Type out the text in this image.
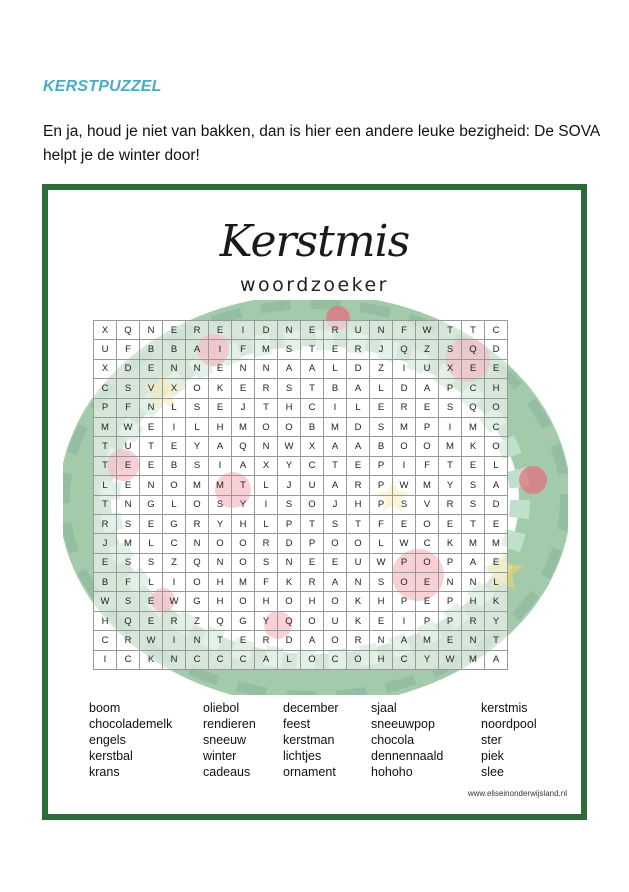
KERSTPUZZEL
En ja, houd je niet van bakken, dan is hier een andere leuke bezigheid: De SOVA helpt je de winter door!
Kerstmis
woordzoeker
X	Q	N	E	R	E	I	D	N	E	R	U	N	F	W	T	T	C
U	F	B	B	A	I	F	M	S	T	E	R	J	Q	Z	S	Q	D
X	D	E	N	N	E	N	N	A	A	L	D	Z	I	U	X	E	E
C	S	V	X	O	K	E	R	S	T	B	A	L	D	A	P	C	H
P	F	N	L	S	E	J	T	H	C	I	L	E	R	E	S	Q	O
M	W	E	I	L	H	M	O	O	B	M	D	S	M	P	I	M	C
T	U	T	E	Y	A	Q	N	W	X	A	A	B	O	O	M	K	O
T	E	E	B	S	I	A	X	Y	C	T	E	P	I	F	T	E	L
L	E	N	O	M	M	T	L	J	U	A	R	P	W	M	Y	S	A
T	N	G	L	O	S	Y	I	S	O	J	H	P	S	V	R	S	D
R	S	E	G	R	Y	H	L	P	T	S	T	F	E	O	E	T	E
J	M	L	C	N	O	O	R	D	P	O	O	L	W	C	K	M	M
E	S	S	Z	Q	N	O	S	N	E	E	U	W	P	O	P	A	E
B	F	L	I	O	H	M	F	K	R	A	N	S	O	E	N	N	L
W	S	E	W	G	H	O	H	O	H	O	K	H	P	E	P	H	K
H	Q	E	R	Z	Q	G	Y	Q	O	U	K	E	I	P	P	R	Y
C	R	W	I	N	T	E	R	D	A	O	R	N	A	M	E	N	T
I	C	K	N	C	C	C	A	L	O	C	O	H	C	Y	W	M	A
boom	oliebol	december	sjaal	kerstmis
chocolademelk	rendieren	feest	sneeuwpop	noordpool
engels	sneeuw	kerstman	chocola	ster
kerstbal	winter	lichtjes	dennennaald	piek
krans	cadeaus	ornament	hohoho	slee
www.eliseinonderwijsland.nl
